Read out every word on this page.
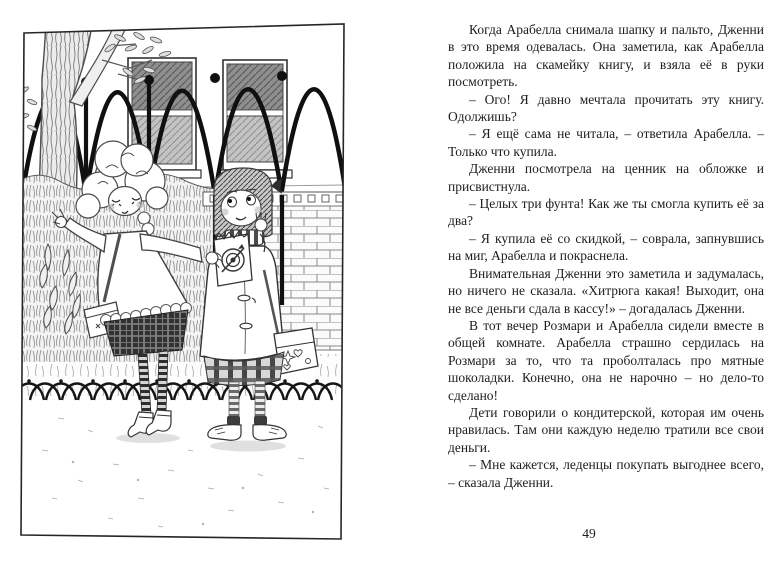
Когда Арабелла снимала шапку и пальто, Дженни в это время одевалась. Она заметила, как Арабелла положила на скамейку книгу, и взяла её в руки посмотреть.

– Ого! Я давно мечтала прочитать эту книгу. Одолжишь?

– Я ещё сама не читала, – ответила Арабелла. – Только что купила.

Дженни посмотрела на ценник на обложке и присвистнула.

– Целых три фунта! Как же ты смогла купить её за два?

– Я купила её со скидкой, – соврала, запнувшись на миг, Арабелла и покраснела.

Внимательная Дженни это заметила и задумалась, но ничего не сказала. «Хитрюга какая! Выходит, она не все деньги сдала в кассу!» – догадалась Дженни.

В тот вечер Розмари и Арабелла сидели вместе в общей комнате. Арабелла страшно сердилась на Розмари за то, что та проболталась про мятные шоколадки. Конечно, она не нарочно – но дело-то сделано!

Дети говорили о кондитерской, которая им очень нравилась. Там они каждую неделю тратили все свои деньги.

– Мне кажется, леденцы покупать выгоднее всего, – сказала Дженни.

49
